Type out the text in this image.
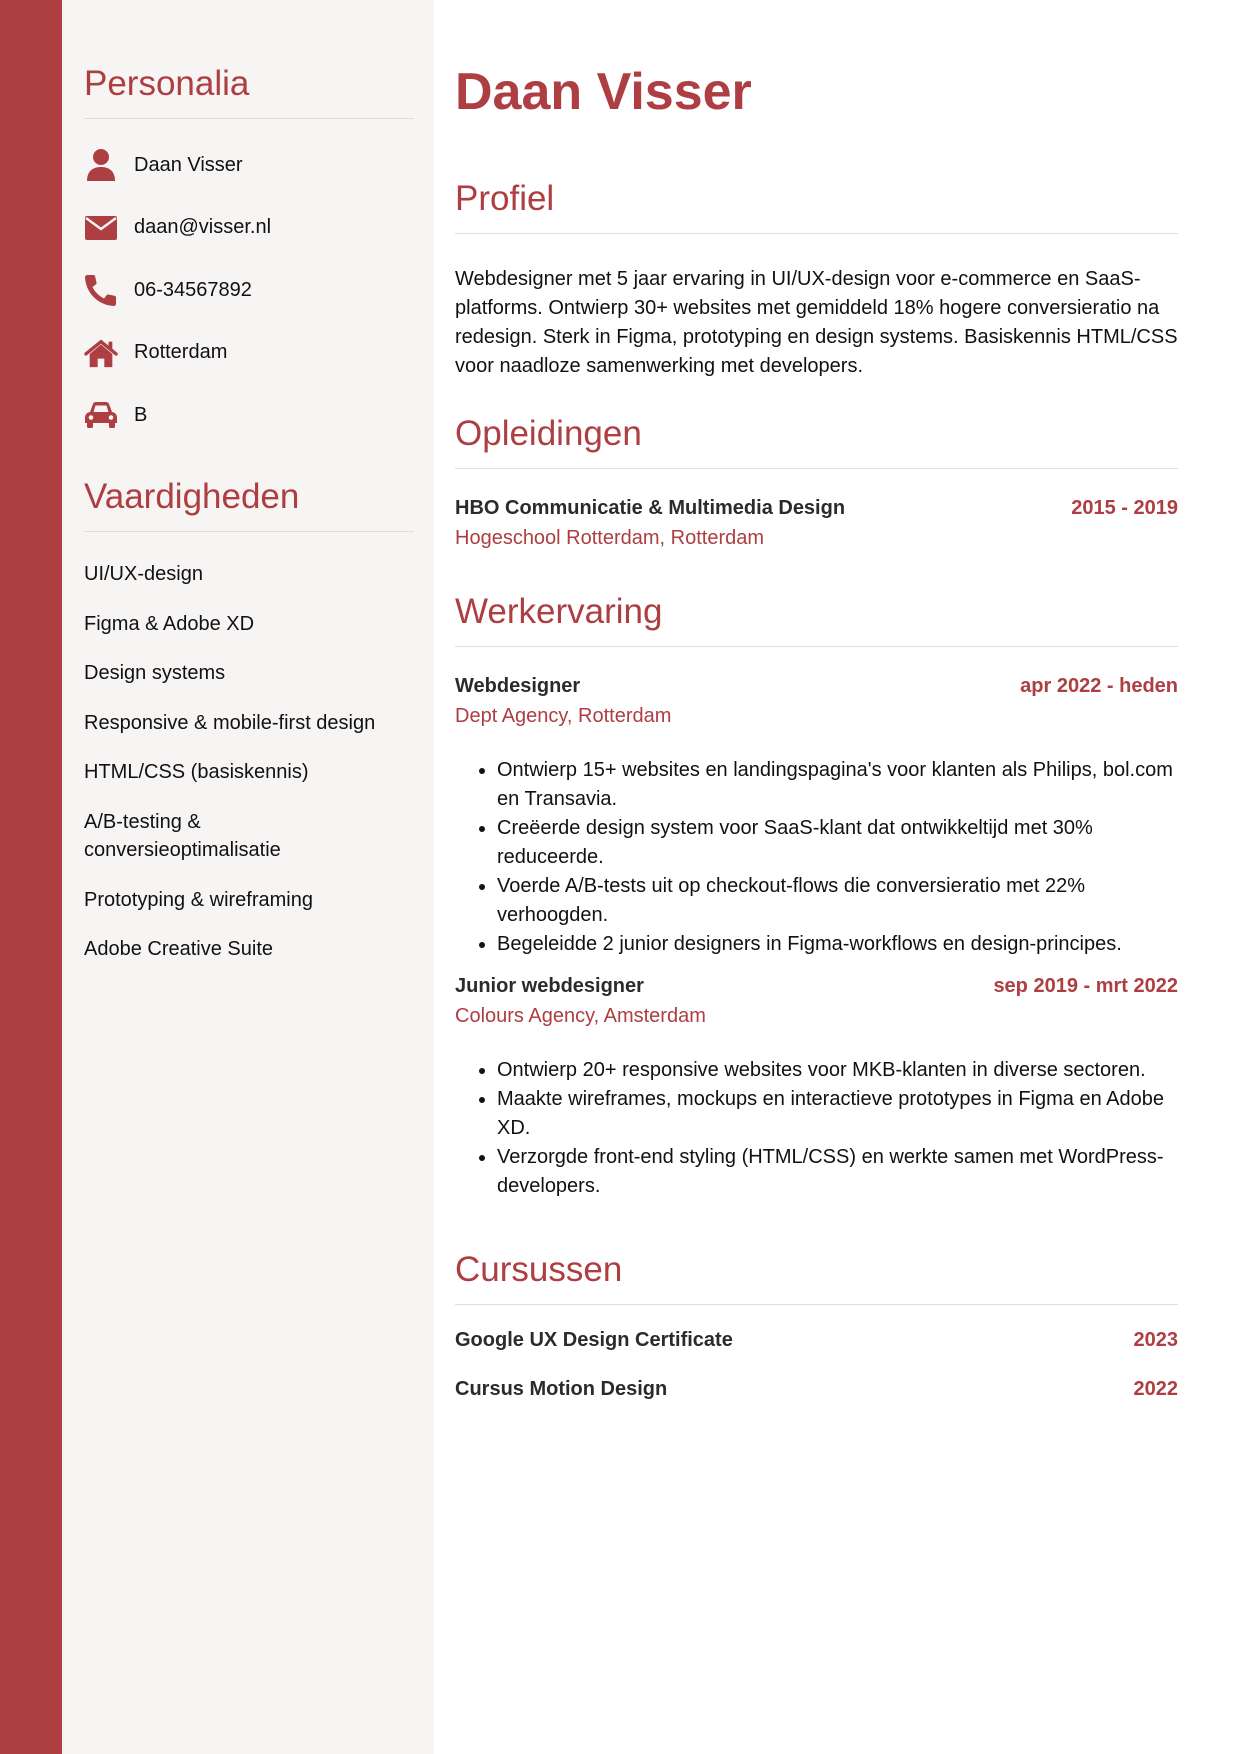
Personalia
Daan Visser
daan@visser.nl
06-34567892
Rotterdam
B
Vaardigheden
UI/UX-design
Figma & Adobe XD
Design systems
Responsive & mobile-first design
HTML/CSS (basiskennis)
A/B-testing & conversieoptimalisatie
Prototyping & wireframing
Adobe Creative Suite
Daan Visser
Profiel
Webdesigner met 5 jaar ervaring in UI/UX-design voor e-commerce en SaaS-platforms. Ontwierp 30+ websites met gemiddeld 18% hogere conversieratio na redesign. Sterk in Figma, prototyping en design systems. Basiskennis HTML/CSS voor naadloze samenwerking met developers.
Opleidingen
HBO Communicatie & Multimedia Design	2015 - 2019
Hogeschool Rotterdam, Rotterdam
Werkervaring
Webdesigner	apr 2022 - heden
Dept Agency, Rotterdam
• Ontwierp 15+ websites en landingspagina's voor klanten als Philips, bol.com en Transavia.
• Creëerde design system voor SaaS-klant dat ontwikkeltijd met 30% reduceerde.
• Voerde A/B-tests uit op checkout-flows die conversieratio met 22% verhoogden.
• Begeleidde 2 junior designers in Figma-workflows en design-principes.
Junior webdesigner	sep 2019 - mrt 2022
Colours Agency, Amsterdam
• Ontwierp 20+ responsive websites voor MKB-klanten in diverse sectoren.
• Maakte wireframes, mockups en interactieve prototypes in Figma en Adobe XD.
• Verzorgde front-end styling (HTML/CSS) en werkte samen met WordPress-developers.
Cursussen
Google UX Design Certificate	2023
Cursus Motion Design	2022
